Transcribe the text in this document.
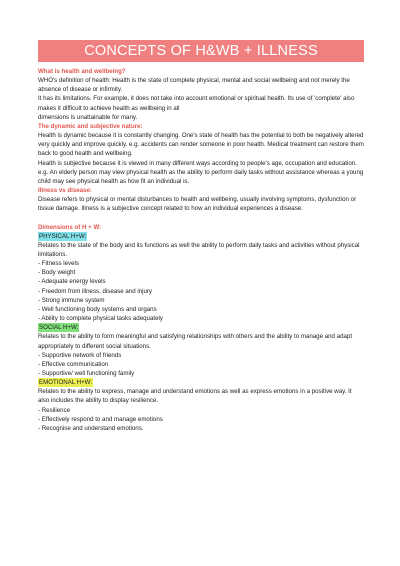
CONCEPTS OF H&WB + ILLNESS

What is health and wellbeing?

WHO's definition of health: Health is the state of complete physical, mental and social wellbeing and not merely the absence of disease or infirmity.

It has its limitations. For example, it does not take into account emotional or spiritual health. Its use of 'complete' also makes it difficult to achieve health as wellbeing in all

dimensions is unattainable for many.

The dynamic and subjective nature:

Health is dynamic because it is constantly changing. One's state of health has the potential to both be negatively altered very quickly and improve quickly. e.g. accidents can render someone in poor health. Medical treatment can restore them back to good health and wellbeing.

Health is subjective because it is viewed in many different ways according to people's age, occupation and education.

e.g. An elderly person may view physical health as the ability to perform daily tasks without assistance whereas a young child may see physical health as how fit an individual is.

Illness vs disease:

Disease refers to physical or mental disturbances to health and wellbeing, usually involving symptoms, dysfunction or tissue damage. Illness is a subjective concept related to how an individual experiences a disease.

Dimensions of H + W:

PHYSICAL H+W:

Relates to the state of the body and its functions as well the ability to perform daily tasks and activities without physical limitations.

- Fitness levels
- Body weight
- Adequate energy levels
- Freedom from illness, disease and injury
- Strong immune system
- Well functioning body systems and organs
- Ability to complete physical tasks adequately

SOCIAL H+W:

Relates to the ability to form meaningful and satisfying relationships with others and the ability to manage and adapt appropriately to different social situations.

- Supportive network of friends
- Effective communication
- Supportive/ well functioning family

EMOTIONAL H+W:

Relates to the ability to express, manage and understand emotions as well as express emotions in a positive way. It also includes the ability to display resilience.

- Resilience
- Effectively respond to and manage emotions
- Recognise and understand emotions.
